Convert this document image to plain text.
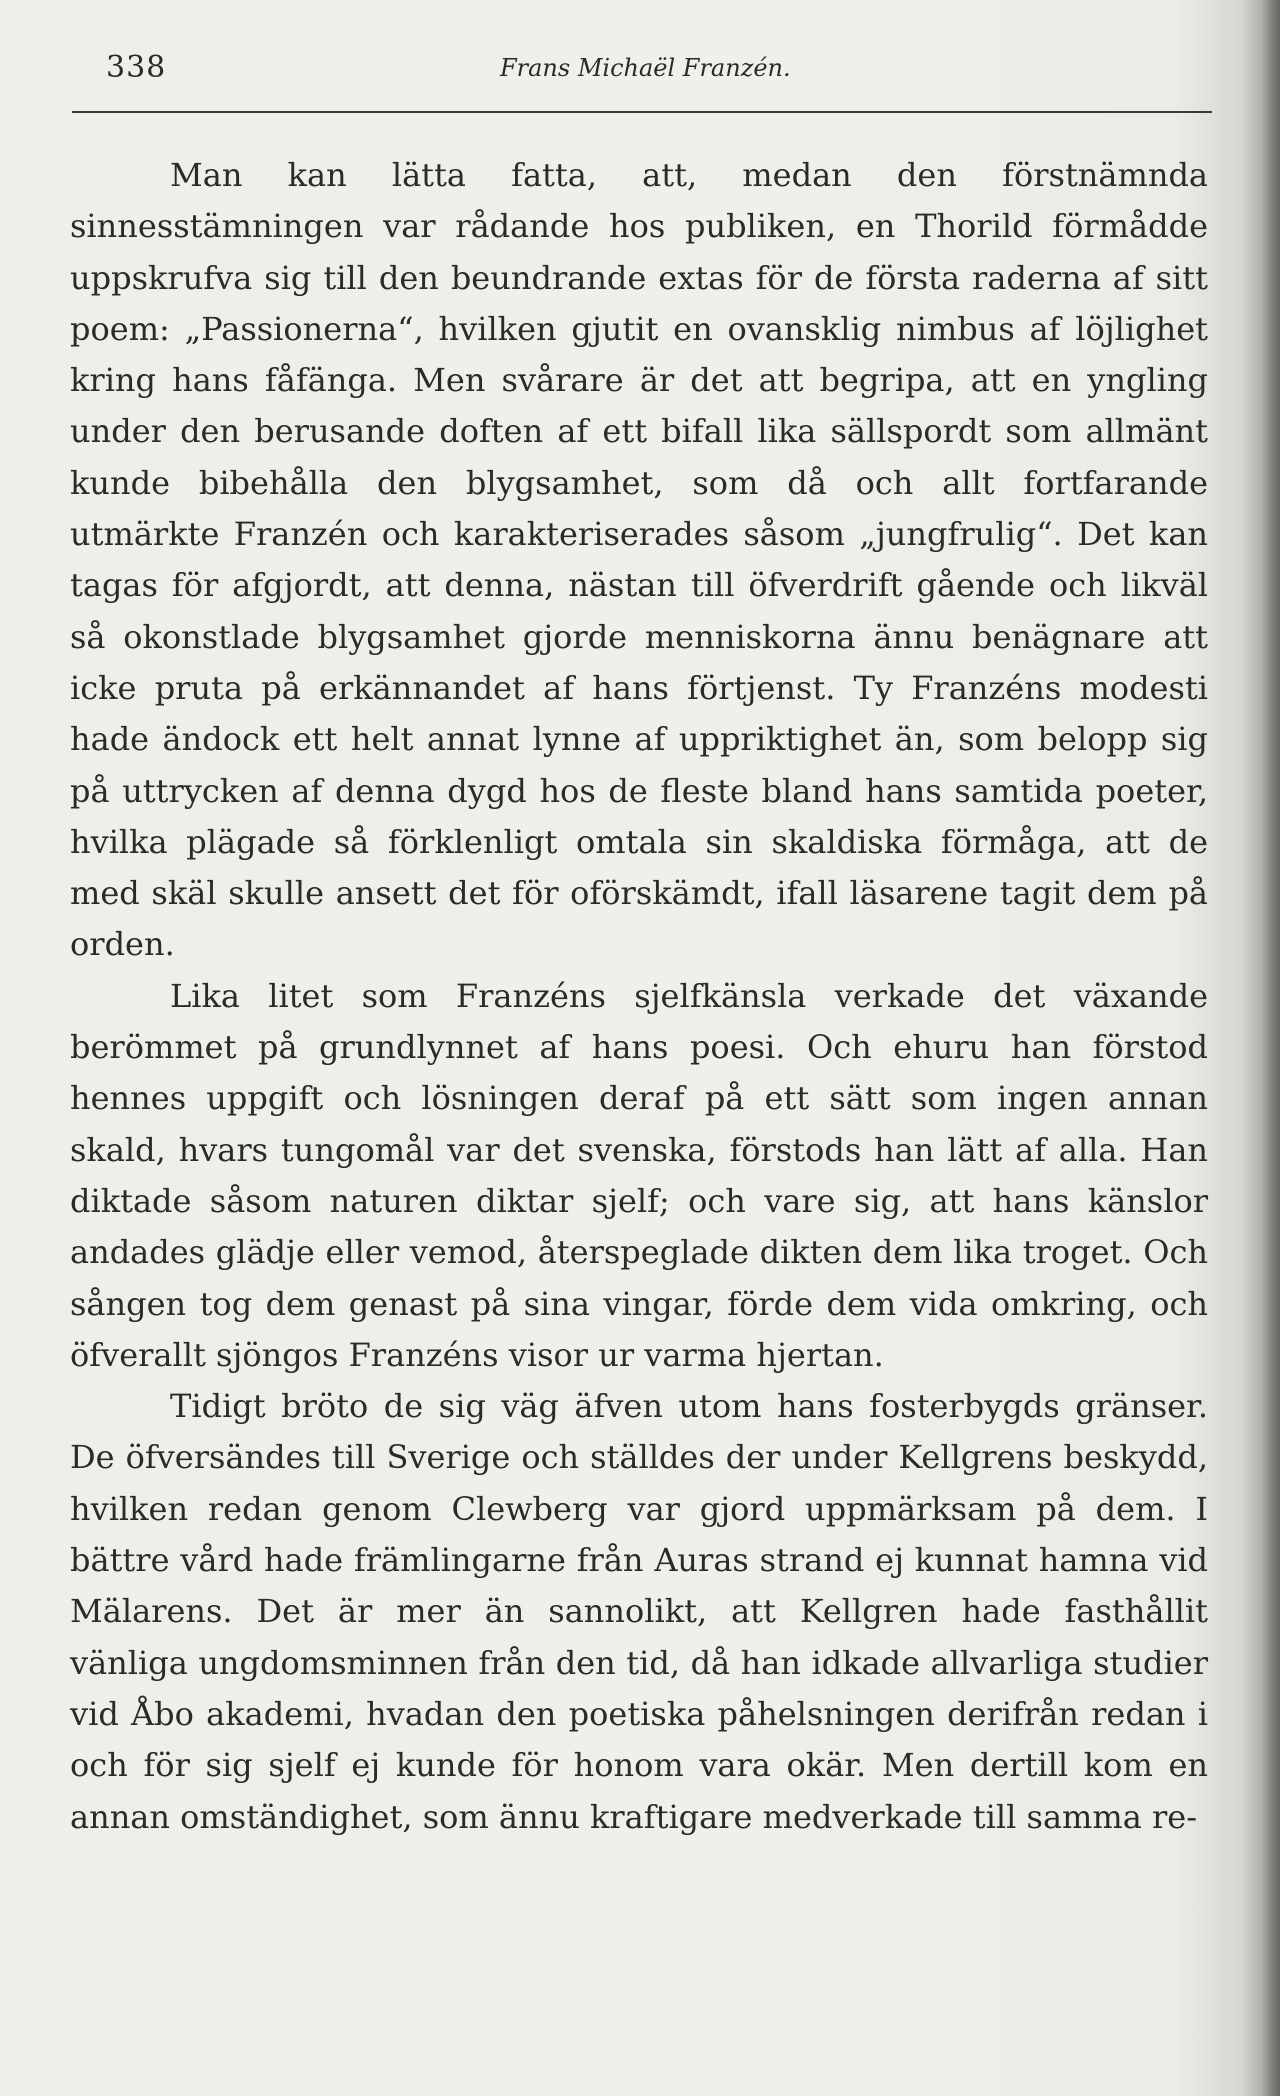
338	Frans Michaël Franzén.

Man kan lätta fatta, att, medan den förstnämnda sinnesstämningen var rådande hos publiken, en Thorild förmådde uppskrufva sig till den beundrande extas för de första raderna af sitt poem: „Passionerna“, hvilken gjutit en ovansklig nimbus af löjlighet kring hans fåfänga. Men svårare är det att begripa, att en yngling under den berusande doften af ett bifall lika sällspordt som allmänt kunde bibehålla den blygsamhet, som då och allt fortfarande utmärkte Franzén och karakteriserades såsom „jungfrulig“. Det kan tagas för afgjordt, att denna, nästan till öfverdrift gående och likväl så okonstlade blygsamhet gjorde menniskorna ännu benägnare att icke pruta på erkännandet af hans förtjenst. Ty Franzéns modesti hade ändock ett helt annat lynne af uppriktighet än, som belopp sig på uttrycken af denna dygd hos de fleste bland hans samtida poeter, hvilka plägade så förklenligt omtala sin skaldiska förmåga, att de med skäl skulle ansett det för oförskämdt, ifall läsarene tagit dem på orden.

Lika litet som Franzéns sjelfkänsla verkade det växande berömmet på grundlynnet af hans poesi. Och ehuru han förstod hennes uppgift och lösningen deraf på ett sätt som ingen annan skald, hvars tungomål var det svenska, förstods han lätt af alla. Han diktade såsom naturen diktar sjelf; och vare sig, att hans känslor andades glädje eller vemod, återspeglade dikten dem lika troget. Och sången tog dem genast på sina vingar, förde dem vida omkring, och öfverallt sjöngos Franzéns visor ur varma hjertan.

Tidigt bröto de sig väg äfven utom hans fosterbygds gränser. De öfversändes till Sverige och ställdes der under Kellgrens beskydd, hvilken redan genom Clewberg var gjord uppmärksam på dem. I bättre vård hade främlingarne från Auras strand ej kunnat hamna vid Mälarens. Det är mer än sannolikt, att Kellgren hade fasthållit vänliga ungdomsminnen från den tid, då han idkade allvarliga studier vid Åbo akademi, hvadan den poetiska påhelsningen derifrån redan i och för sig sjelf ej kunde för honom vara okär. Men dertill kom en annan omständighet, som ännu kraftigare medverkade till samma re-
